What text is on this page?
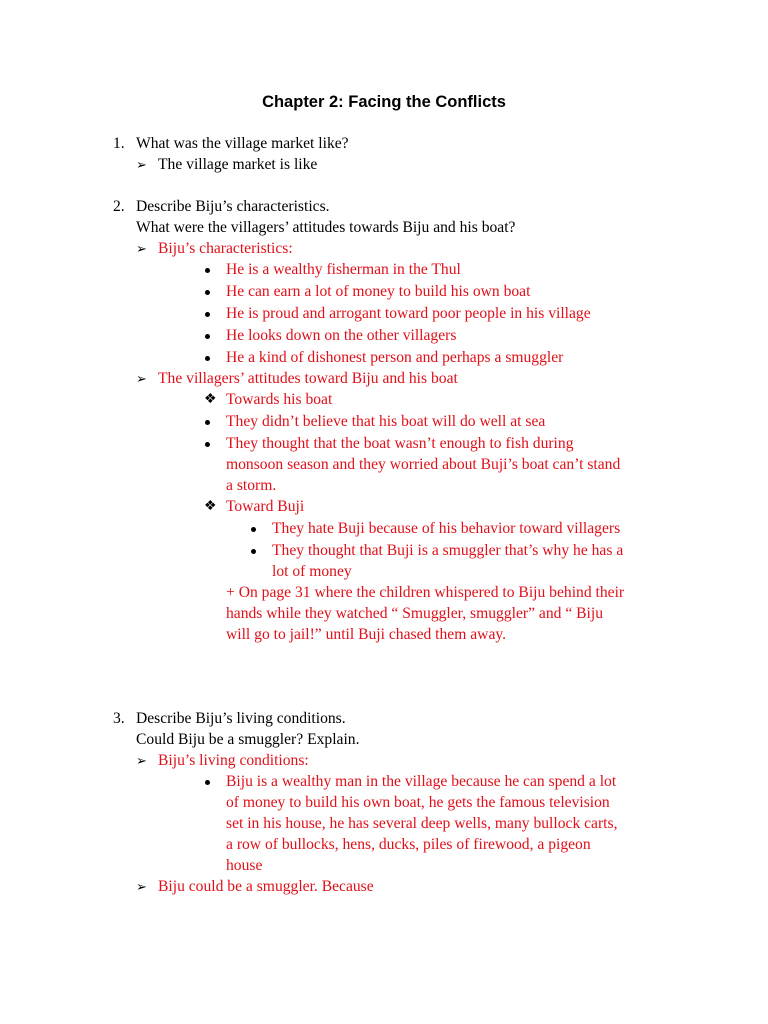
Chapter 2: Facing the Conflicts
1. What was the village market like?
➢ The village market is like
2. Describe Biju’s characteristics.
What were the villagers’ attitudes towards Biju and his boat?
➢ Biju’s characteristics:
He is a wealthy fisherman in the Thul
He can earn a lot of money to build his own boat
He is proud and arrogant toward poor people in his village
He looks down on the other villagers
He a kind of dishonest person and perhaps a smuggler
➢ The villagers’ attitudes toward Biju and his boat
❖ Towards his boat
They didn’t believe that his boat will do well at sea
They thought that the boat wasn’t enough to fish during
monsoon season and they worried about Buji’s boat can’t stand
a storm.
❖ Toward Buji
They hate Buji because of his behavior toward villagers
They thought that Buji is a smuggler that’s why he has a
lot of money
+ On page 31 where the children whispered to Biju behind their
hands while they watched “ Smuggler, smuggler” and “ Biju
will go to jail!” until Buji chased them away.
3. Describe Biju’s living conditions.
Could Biju be a smuggler? Explain.
➢ Biju’s living conditions:
Biju is a wealthy man in the village because he can spend a lot
of money to build his own boat, he gets the famous television
set in his house, he has several deep wells, many bullock carts,
a row of bullocks, hens, ducks, piles of firewood, a pigeon
house
➢ Biju could be a smuggler. Because
